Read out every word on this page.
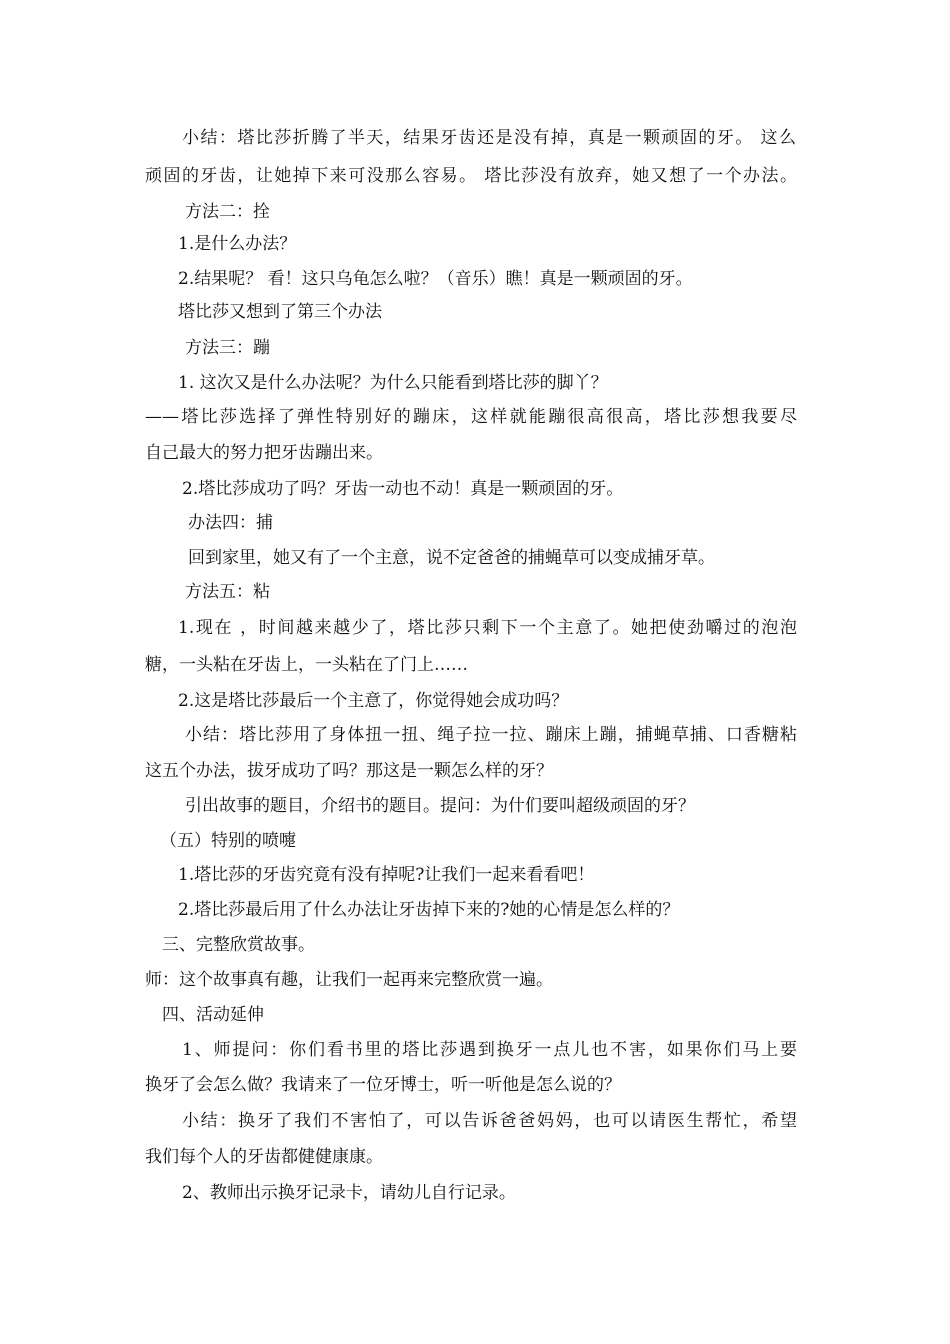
小结：塔比莎折腾了半天，结果牙齿还是没有掉，真是一颗顽固的牙。 这么
顽固的牙齿，让她掉下来可没那么容易。 塔比莎没有放弃，她又想了一个办法。
方法二：拴
1.是什么办法？
2.结果呢？ 看！这只乌龟怎么啦？（音乐）瞧！真是一颗顽固的牙。
塔比莎又想到了第三个办法
方法三：蹦
1. 这次又是什么办法呢？为什么只能看到塔比莎的脚丫？
——塔比莎选择了弹性特别好的蹦床，这样就能蹦很高很高，塔比莎想我要尽
自己最大的努力把牙齿蹦出来。
2.塔比莎成功了吗？牙齿一动也不动！真是一颗顽固的牙。
办法四：捕
回到家里，她又有了一个主意，说不定爸爸的捕蝇草可以变成捕牙草。
方法五：粘
1.现在 ，时间越来越少了，塔比莎只剩下一个主意了。她把使劲嚼过的泡泡
糖，一头粘在牙齿上，一头粘在了门上……
2.这是塔比莎最后一个主意了，你觉得她会成功吗？
小结：塔比莎用了身体扭一扭、绳子拉一拉、蹦床上蹦，捕蝇草捕、口香糖粘
这五个办法，拔牙成功了吗？那这是一颗怎么样的牙？
引出故事的题目，介绍书的题目。提问：为什们要叫超级顽固的牙？
（五）特别的喷嚏
1.塔比莎的牙齿究竟有没有掉呢?让我们一起来看看吧！
2.塔比莎最后用了什么办法让牙齿掉下来的?她的心情是怎么样的？
三、完整欣赏故事。
师：这个故事真有趣，让我们一起再来完整欣赏一遍。
四、活动延伸
1、师提问：你们看书里的塔比莎遇到换牙一点儿也不害，如果你们马上要
换牙了会怎么做？我请来了一位牙博士，听一听他是怎么说的？
小结：换牙了我们不害怕了，可以告诉爸爸妈妈，也可以请医生帮忙，希望
我们每个人的牙齿都健健康康。
2、教师出示换牙记录卡，请幼儿自行记录。
